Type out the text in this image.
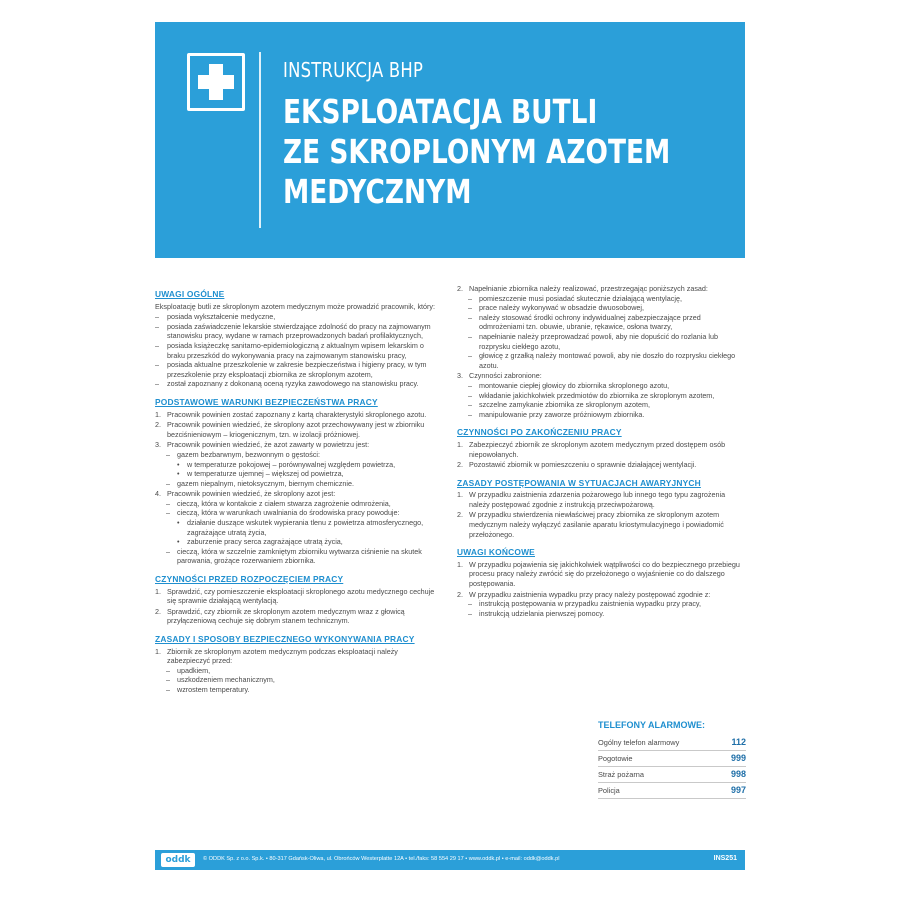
INSTRUKCJA BHP
EKSPLOATACJA BUTLI
ZE SKROPLONYM AZOTEM
MEDYCZNYM
UWAGI OGÓLNE
Eksploatację butli ze skroplonym azotem medycznym może prowadzić pracownik, który:
– posiada wykształcenie medyczne,
– posiada zaświadczenie lekarskie stwierdzające zdolność do pracy na zajmowanym stanowisku pracy, wydane w ramach przeprowadzonych badań profilaktycznych,
– posiada książeczkę sanitarno-epidemiologiczną z aktualnym wpisem lekarskim o braku przeszkód do wykonywania pracy na zajmowanym stanowisku pracy,
– posiada aktualne przeszkolenie w zakresie bezpieczeństwa i higieny pracy, w tym przeszkolenie przy eksploatacji zbiornika ze skroplonym azotem,
– został zapoznany z dokonaną oceną ryzyka zawodowego na stanowisku pracy.
PODSTAWOWE WARUNKI BEZPIECZEŃSTWA PRACY
1. Pracownik powinien zostać zapoznany z kartą charakterystyki skroplonego azotu.
2. Pracownik powinien wiedzieć, że skroplony azot przechowywany jest w zbiorniku bezciśnieniowym – kriogenicznym, tzn. w izolacji próżniowej.
3. Pracownik powinien wiedzieć, że azot zawarty w powietrzu jest:
– gazem bezbarwnym, bezwonnym o gęstości:
• w temperaturze pokojowej – porównywalnej względem powietrza,
• w temperaturze ujemnej – większej od powietrza,
– gazem niepalnym, nietoksycznym, biernym chemicznie.
4. Pracownik powinien wiedzieć, że skroplony azot jest:
– cieczą, która w kontakcie z ciałem stwarza zagrożenie odmrożenia,
– cieczą, która w warunkach uwalniania do środowiska pracy powoduje:
• działanie duszące wskutek wypierania tlenu z powietrza atmosferycznego, zagrażające utratą życia,
• zaburzenie pracy serca zagrażające utratą życia,
– cieczą, która w szczelnie zamkniętym zbiorniku wytwarza ciśnienie na skutek parowania, grożące rozerwaniem zbiornika.
CZYNNOŚCI PRZED ROZPOCZĘCIEM PRACY
1. Sprawdzić, czy pomieszczenie eksploatacji skroplonego azotu medycznego cechuje się sprawnie działającą wentylacją.
2. Sprawdzić, czy zbiornik ze skroplonym azotem medycznym wraz z głowicą przyłączeniową cechuje się dobrym stanem technicznym.
ZASADY I SPOSOBY BEZPIECZNEGO WYKONYWANIA PRACY
1. Zbiornik ze skroplonym azotem medycznym podczas eksploatacji należy zabezpieczyć przed:
– upadkiem,
– uszkodzeniem mechanicznym,
– wzrostem temperatury.
2. Napełnianie zbiornika należy realizować, przestrzegając poniższych zasad:
– pomieszczenie musi posiadać skutecznie działającą wentylację,
– prace należy wykonywać w obsadzie dwuosobowej,
– należy stosować środki ochrony indywidualnej zabezpieczające przed odmrożeniami tzn. obuwie, ubranie, rękawice, osłona twarzy,
– napełnianie należy przeprowadzać powoli, aby nie dopuścić do rozlania lub rozprysku ciekłego azotu,
– głowicę z grzałką należy montować powoli, aby nie doszło do rozprysku ciekłego azotu.
3. Czynności zabronione:
– montowanie ciepłej głowicy do zbiornika skroplonego azotu,
– wkładanie jakichkolwiek przedmiotów do zbiornika ze skroplonym azotem,
– szczelne zamykanie zbiornika ze skroplonym azotem,
– manipulowanie przy zaworze próżniowym zbiornika.
CZYNNOŚCI PO ZAKOŃCZENIU PRACY
1. Zabezpieczyć zbiornik ze skroplonym azotem medycznym przed dostępem osób niepowołanych.
2. Pozostawić zbiornik w pomieszczeniu o sprawnie działającej wentylacji.
ZASADY POSTĘPOWANIA W SYTUACJACH AWARYJNYCH
1. W przypadku zaistnienia zdarzenia pożarowego lub innego tego typu zagrożenia należy postępować zgodnie z instrukcją przeciwpożarową.
2. W przypadku stwierdzenia niewłaściwej pracy zbiornika ze skroplonym azotem medycznym należy wyłączyć zasilanie aparatu kriostymulacyjnego i powiadomić przełożonego.
UWAGI KOŃCOWE
1. W przypadku pojawienia się jakichkolwiek wątpliwości co do bezpiecznego przebiegu procesu pracy należy zwrócić się do przełożonego o wyjaśnienie co do dalszego postępowania.
2. W przypadku zaistnienia wypadku przy pracy należy postępować zgodnie z:
– instrukcją postępowania w przypadku zaistnienia wypadku przy pracy,
– instrukcją udzielania pierwszej pomocy.
TELEFONY ALARMOWE:
Ogólny telefon alarmowy	112
Pogotowie	999
Straż pożarna	998
Policja	997
oddk	© ODDK Sp. z o.o. Sp.k. • 80-317 Gdańsk-Oliwa, ul. Obrońców Westerplatte 12A • tel./faks: 58 554 29 17 • www.oddk.pl • e-mail: oddk@oddk.pl	INS251
